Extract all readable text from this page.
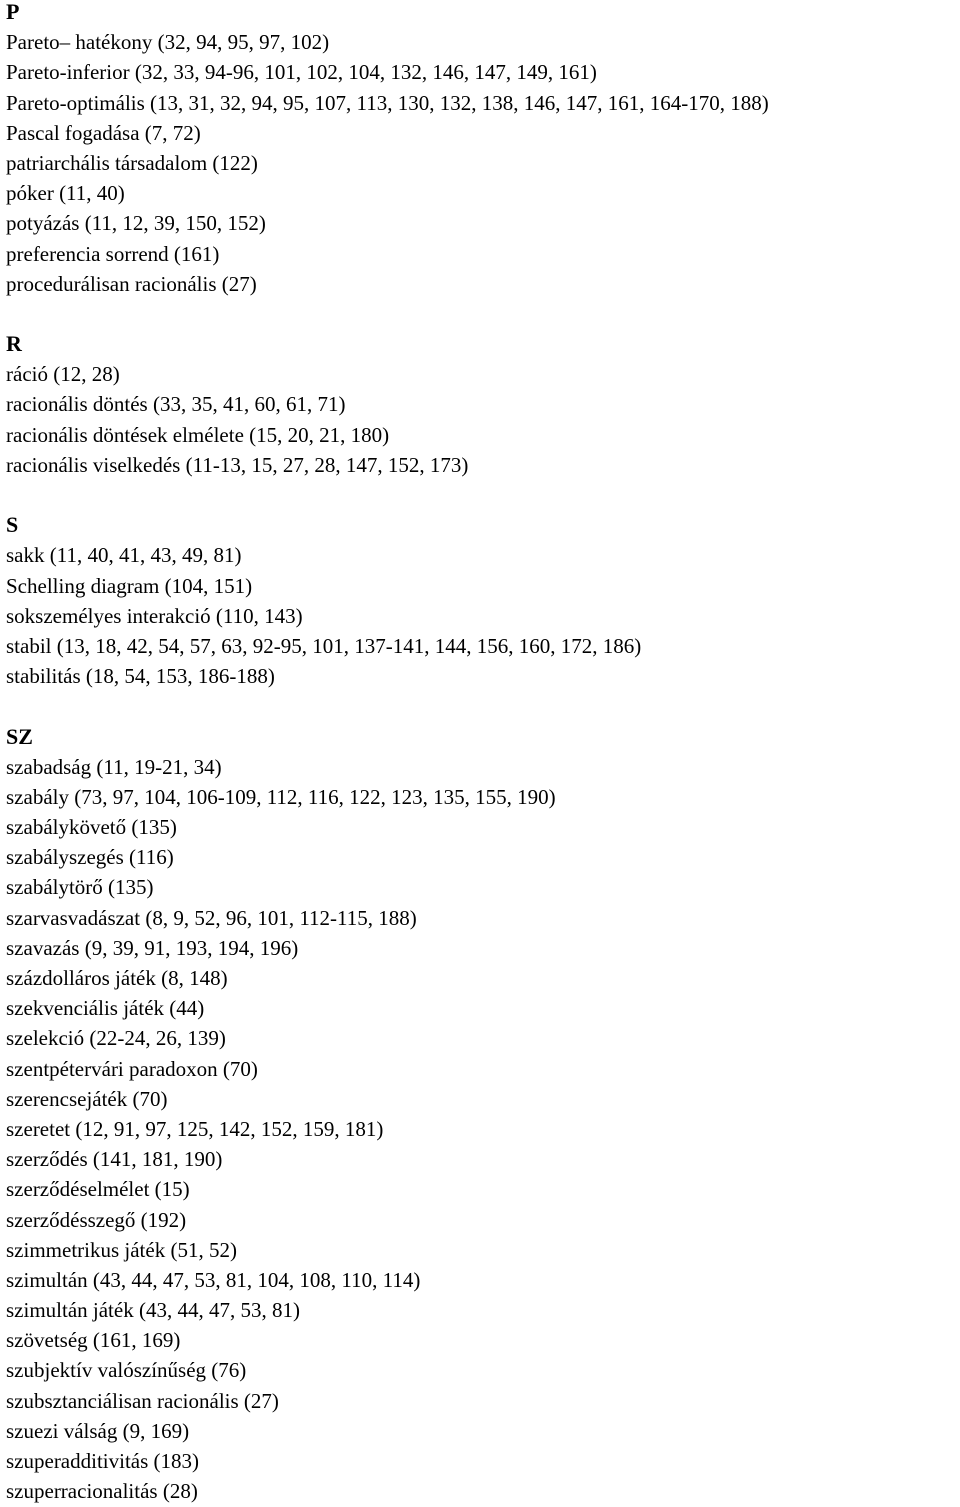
P
Pareto– hatékony (32, 94, 95, 97, 102)
Pareto-inferior (32, 33, 94-96, 101, 102, 104, 132, 146, 147, 149, 161)
Pareto-optimális (13, 31, 32, 94, 95, 107, 113, 130, 132, 138, 146, 147, 161, 164-170, 188)
Pascal fogadása (7, 72)
patriarchális társadalom (122)
póker (11, 40)
potyázás (11, 12, 39, 150, 152)
preferencia sorrend (161)
procedurálisan racionális (27)
R
ráció (12, 28)
racionális döntés (33, 35, 41, 60, 61, 71)
racionális döntések elmélete (15, 20, 21, 180)
racionális viselkedés (11-13, 15, 27, 28, 147, 152, 173)
S
sakk (11, 40, 41, 43, 49, 81)
Schelling diagram (104, 151)
sokszemélyes interakció (110, 143)
stabil (13, 18, 42, 54, 57, 63, 92-95, 101, 137-141, 144, 156, 160, 172, 186)
stabilitás (18, 54, 153, 186-188)
SZ
szabadság (11, 19-21, 34)
szabály (73, 97, 104, 106-109, 112, 116, 122, 123, 135, 155, 190)
szabálykövető (135)
szabályszegés (116)
szabálytörő (135)
szarvasvadászat (8, 9, 52, 96, 101, 112-115, 188)
szavazás (9, 39, 91, 193, 194, 196)
százdolláros játék (8, 148)
szekvenciális játék (44)
szelekció (22-24, 26, 139)
szentpétervári paradoxon (70)
szerencsejáték (70)
szeretet (12, 91, 97, 125, 142, 152, 159, 181)
szerződés (141, 181, 190)
szerződéselmélet (15)
szerződésszegő (192)
szimmetrikus játék (51, 52)
szimultán (43, 44, 47, 53, 81, 104, 108, 110, 114)
szimultán játék (43, 44, 47, 53, 81)
szövetség (161, 169)
szubjektív valószínűség (76)
szubsztanciálisan racionális (27)
szuezi válság (9, 169)
szuperadditivitás (183)
szuperracionalitás (28)
